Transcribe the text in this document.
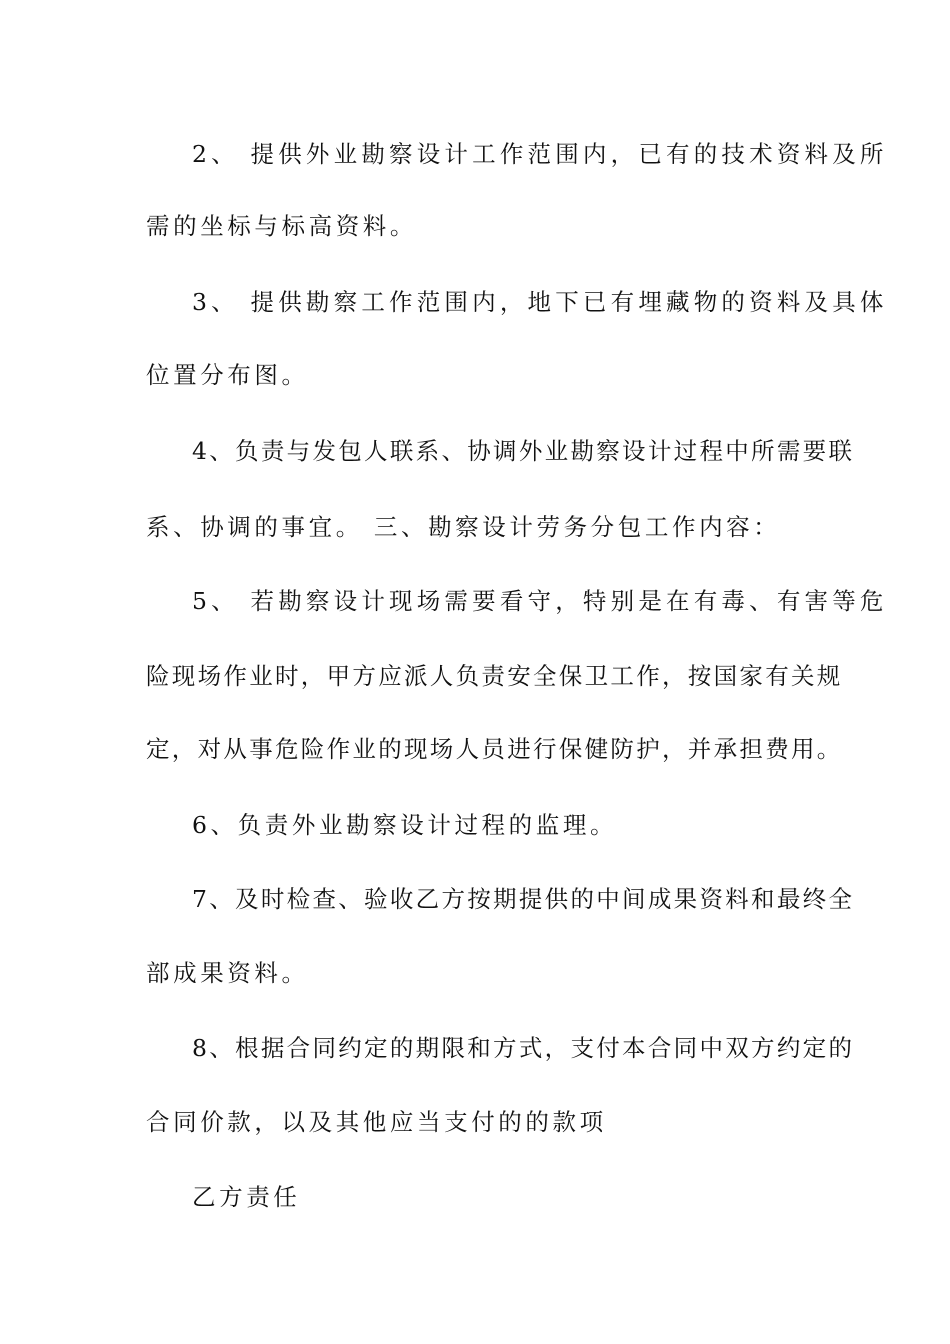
2、 提供外业勘察设计工作范围内，已有的技术资料及所
需的坐标与标高资料。
3、 提供勘察工作范围内，地下已有埋藏物的资料及具体
位置分布图。
4、负责与发包人联系、协调外业勘察设计过程中所需要联
系、协调的事宜。 三、勘察设计劳务分包工作内容：
5、 若勘察设计现场需要看守，特别是在有毒、有害等危
险现场作业时，甲方应派人负责安全保卫工作，按国家有关规
定，对从事危险作业的现场人员进行保健防护，并承担费用。
6、负责外业勘察设计过程的监理。
7、及时检查、验收乙方按期提供的中间成果资料和最终全
部成果资料。
8、根据合同约定的期限和方式，支付本合同中双方约定的
合同价款，以及其他应当支付的的款项
乙方责任
